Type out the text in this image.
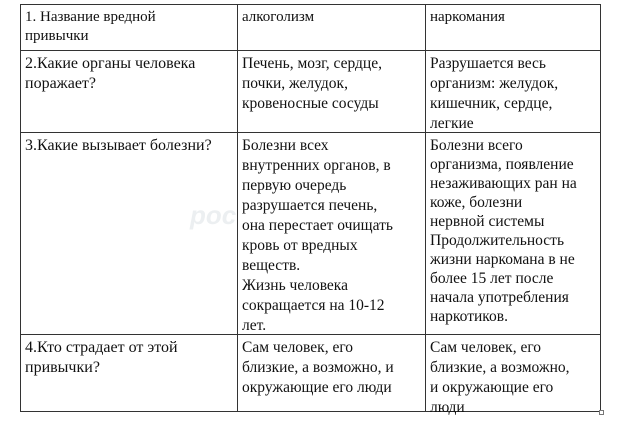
1. Название вредной
привычки
алкоголизм	наркомания
2.Какие органы человека
поражает?
Печень, мозг, сердце,
почки, желудок,
кровеносные сосуды
Разрушается весь
организм: желудок,
кишечник, сердце,
легкие
3.Какие вызывает болезни?	Болезни всех
внутренних органов, в
первую очередь
разрушается печень,
она перестает очищать
кровь от вредных
веществ.
Жизнь человека
сокращается на 10-12
лет.
Болезни всего
организма, появление
незаживающих ран на
коже, болезни
нервной системы
Продолжительность
жизни наркомана в не
более 15 лет после
начала употребления
наркотиков.
4.Кто страдает от этой
привычки?
Сам человек, его
близкие, а возможно, и
окружающие его люди
Сам человек, его
близкие, а возможно,
и окружающие его
люди
рос
